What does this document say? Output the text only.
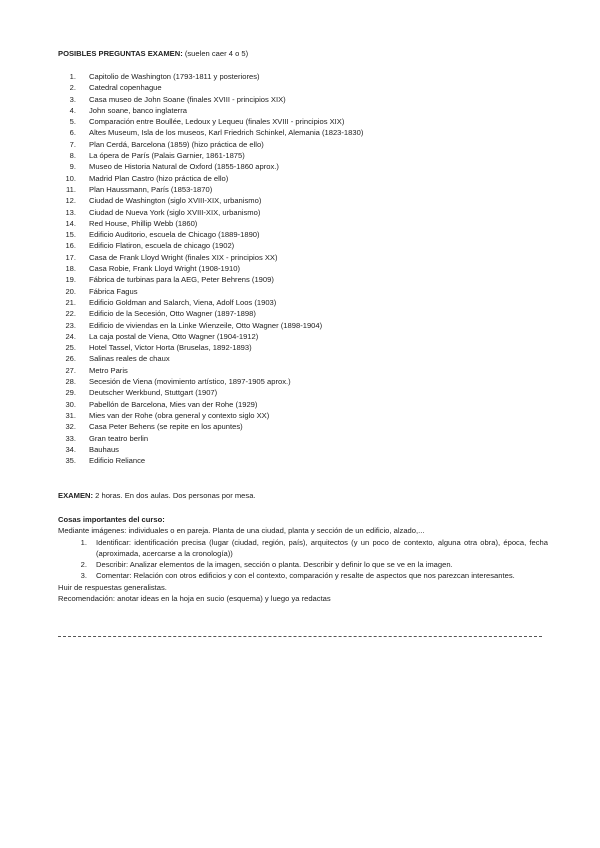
POSIBLES PREGUNTAS EXAMEN: (suelen caer 4 o 5)
1.	Capitolio de Washington (1793-1811 y posteriores)
2.	Catedral copenhague
3.	Casa museo de John Soane (finales XVIII - principios XIX)
4.	John soane, banco inglaterra
5.	Comparación entre Boullée, Ledoux y Lequeu (finales XVIII - principios XIX)
6.	Altes Museum, Isla de los museos, Karl Friedrich Schinkel, Alemania (1823-1830)
7.	Plan Cerdá, Barcelona (1859) (hizo práctica de ello)
8.	La ópera de París (Palais Garnier, 1861-1875)
9.	Museo de Historia Natural de Oxford (1855-1860 aprox.)
10.	Madrid Plan Castro (hizo práctica de ello)
11.	Plan Haussmann, París (1853-1870)
12.	Ciudad de Washington (siglo XVIII-XIX, urbanismo)
13.	Ciudad de Nueva York (siglo XVIII-XIX, urbanismo)
14.	Red House, Phillip Webb (1860)
15.	Edificio Auditorio, escuela de Chicago (1889-1890)
16.	Edificio Flatiron, escuela de chicago (1902)
17.	Casa de Frank Lloyd Wright (finales XIX - principios XX)
18.	Casa Robie, Frank Lloyd Wright (1908-1910)
19.	Fábrica de turbinas para la AEG, Peter Behrens (1909)
20.	Fábrica Fagus
21.	Edificio Goldman and Salarch, Viena, Adolf Loos (1903)
22.	Edificio de la Secesión, Otto Wagner (1897-1898)
23.	Edificio de viviendas en la Linke Wienzeile, Otto Wagner (1898-1904)
24.	La caja postal de Viena, Otto Wagner (1904-1912)
25.	Hotel Tassel, Victor Horta (Bruselas, 1892-1893)
26.	Salinas reales de chaux
27.	Metro Paris
28.	Secesión de Viena (movimiento artístico, 1897-1905 aprox.)
29.	Deutscher Werkbund, Stuttgart (1907)
30.	Pabellón de Barcelona, Mies van der Rohe (1929)
31.	Mies van der Rohe (obra general y contexto siglo XX)
32.	Casa Peter Behens (se repite en los apuntes)
33.	Gran teatro berlin
34.	Bauhaus
35.	Edificio Reliance
EXAMEN: 2 horas. En dos aulas. Dos personas por mesa.
Cosas importantes del curso:
Mediante imágenes: individuales o en pareja. Planta de una ciudad, planta y sección de un edificio, alzado,...
1.	Identificar: identificación precisa (lugar (ciudad, región, país), arquitectos (y un poco de contexto, alguna otra obra), época, fecha (aproximada, acercarse a la cronología))
2.	Describir: Analizar elementos de la imagen, sección o planta. Describir y definir lo que se ve en la imagen.
3.	Comentar: Relación con otros edificios y con el contexto, comparación y resalte de aspectos que nos parezcan interesantes.
Huir de respuestas generalistas.
Recomendación: anotar ideas en la hoja en sucio (esquema) y luego ya redactas
